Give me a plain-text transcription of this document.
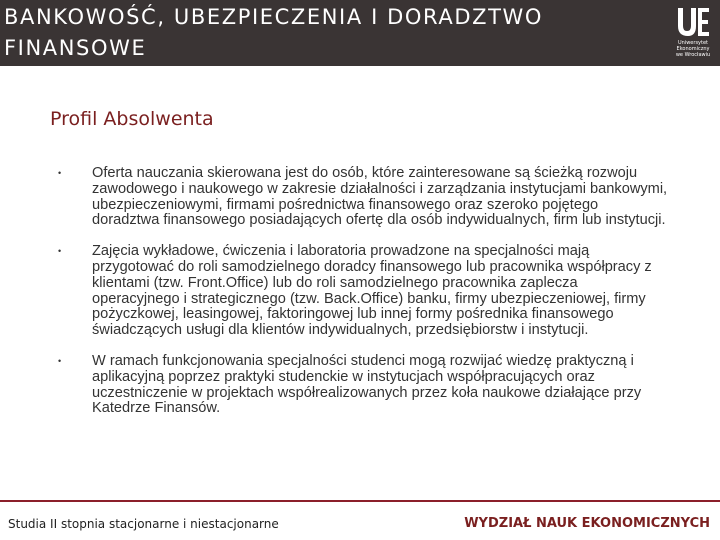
BANKOWOŚĆ, UBEZPIECZENIA I DORADZTWO FINANSOWE	Uniwersytet
Ekonomiczny
we Wrocławiu
Profil Absolwenta
• Oferta nauczania skierowana jest do osób, które zainteresowane są ścieżką rozwoju zawodowego i naukowego w zakresie działalności i zarządzania instytucjami bankowymi, ubezpieczeniowymi, firmami pośrednictwa finansowego oraz szeroko pojętego doradztwa finansowego posiadających ofertę dla osób indywidualnych, firm lub instytucji.
• Zajęcia wykładowe, ćwiczenia i laboratoria prowadzone na specjalności mają przygotować do roli samodzielnego doradcy finansowego lub pracownika współpracy z klientami (tzw. Front.Office) lub do roli samodzielnego pracownika zaplecza operacyjnego i strategicznego (tzw. Back.Office) banku, firmy ubezpieczeniowej, firmy pożyczkowej, leasingowej, faktoringowej lub innej formy pośrednika finansowego świadczących usługi dla klientów indywidualnych, przedsiębiorstw i instytucji.
• W ramach funkcjonowania specjalności studenci mogą rozwijać wiedzę praktyczną i aplikacyjną poprzez praktyki studenckie w instytucjach współpracujących oraz uczestniczenie w projektach współrealizowanych przez koła naukowe działające przy Katedrze Finansów.
Studia II stopnia stacjonarne i niestacjonarne	WYDZIAŁ NAUK EKONOMICZNYCH
